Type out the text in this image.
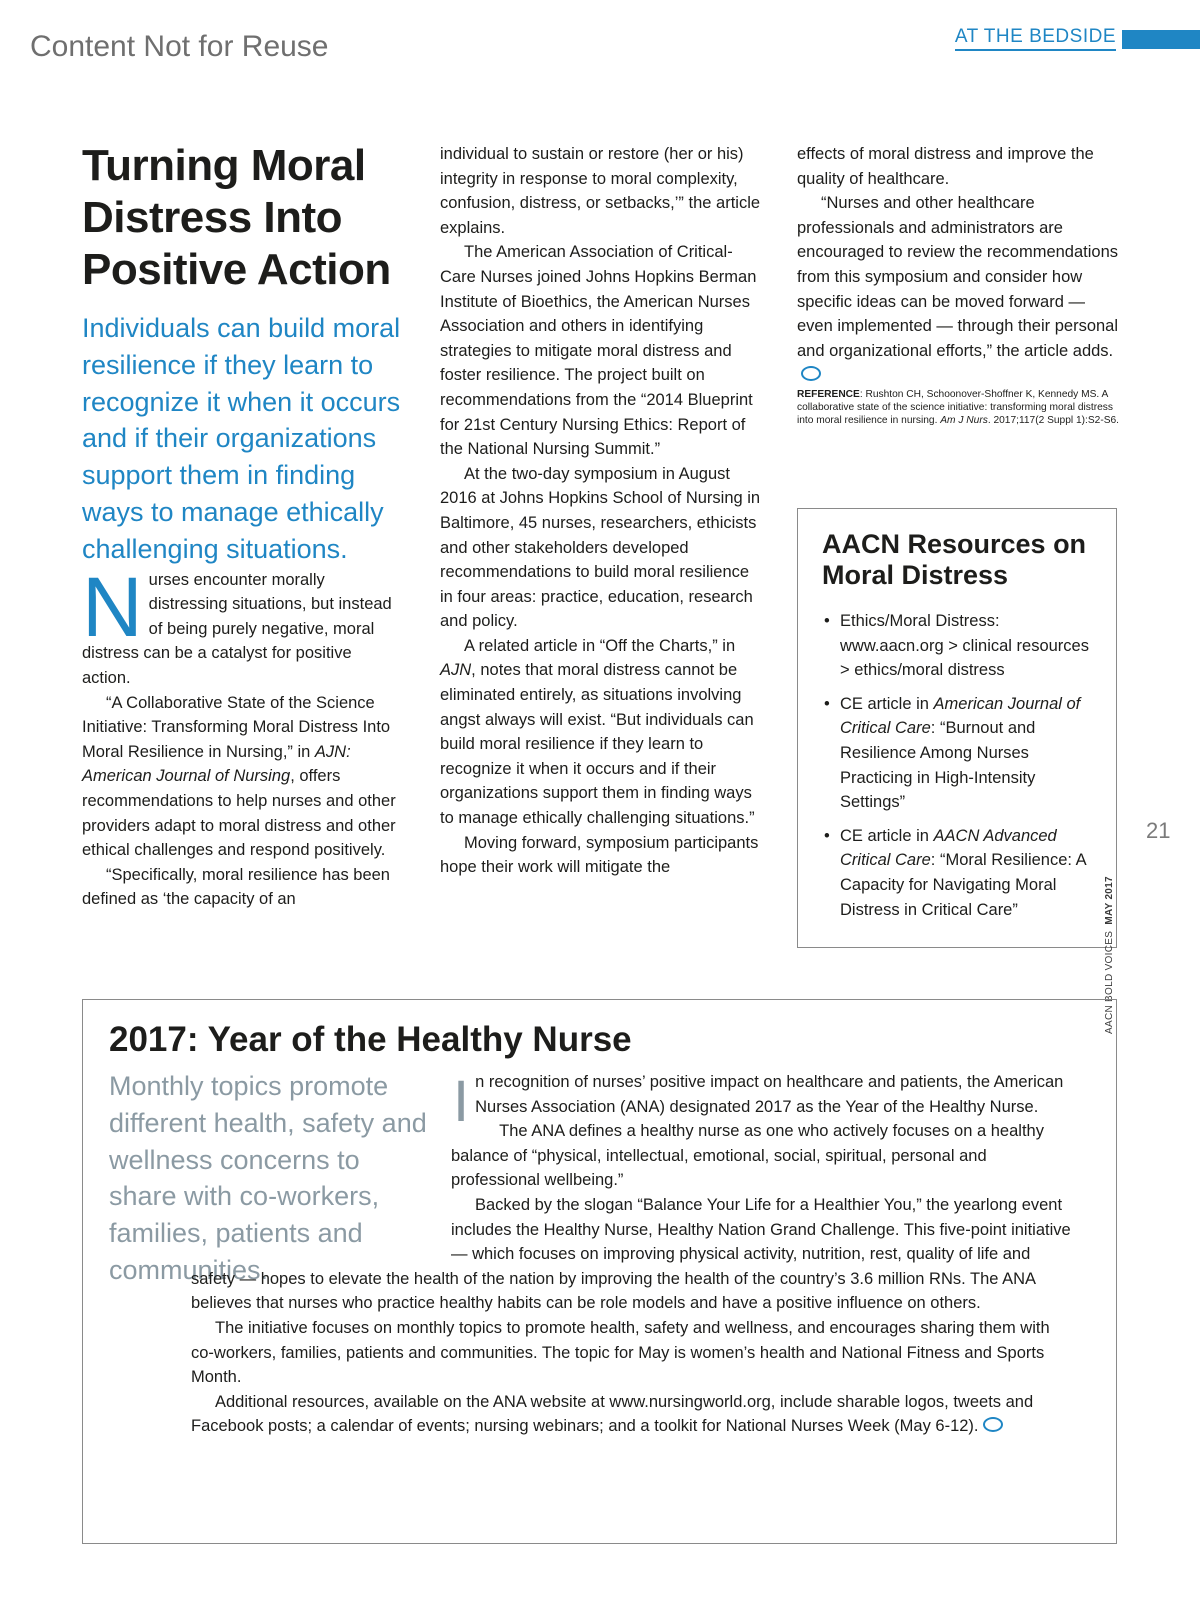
Content Not for Reuse	AT THE BEDSIDE
Turning Moral Distress Into Positive Action

Individuals can build moral resilience if they learn to recognize it when it occurs and if their organizations support them in finding ways to manage ethically challenging situations.

Nurses encounter morally distressing situations, but instead of being purely negative, moral distress can be a catalyst for positive action.

“A Collaborative State of the Science Initiative: Transforming Moral Distress Into Moral Resilience in Nursing,” in AJN: American Journal of Nursing, offers recommendations to help nurses and other providers adapt to moral distress and other ethical challenges and respond positively.

“Specifically, moral resilience has been defined as ‘the capacity of an

individual to sustain or restore (her or his) integrity in response to moral complexity, confusion, distress, or setbacks,’” the article explains.

The American Association of Critical-Care Nurses joined Johns Hopkins Berman Institute of Bioethics, the American Nurses Association and others in identifying strategies to mitigate moral distress and foster resilience. The project built on recommendations from the “2014 Blueprint for 21st Century Nursing Ethics: Report of the National Nursing Summit.”

At the two-day symposium in August 2016 at Johns Hopkins School of Nursing in Baltimore, 45 nurses, researchers, ethicists and other stakeholders developed recommendations to build moral resilience in four areas: practice, education, research and policy.

A related article in “Off the Charts,” in AJN, notes that moral distress cannot be eliminated entirely, as situations involving angst always will exist. “But individuals can build moral resilience if they learn to recognize it when it occurs and if their organizations support them in finding ways to manage ethically challenging situations.”

Moving forward, symposium participants hope their work will mitigate the

effects of moral distress and improve the quality of healthcare.

“Nurses and other healthcare professionals and administrators are encouraged to review the recommendations from this symposium and consider how specific ideas can be moved forward — even implemented — through their personal and organizational efforts,” the article adds.

REFERENCE: Rushton CH, Schoonover-Shoffner K, Kennedy MS. A collaborative state of the science initiative: transforming moral distress into moral resilience in nursing. Am J Nurs. 2017;117(2 Suppl 1):S2-S6.

AACN Resources on Moral Distress
• Ethics/Moral Distress: www.aacn.org > clinical resources > ethics/moral distress
• CE article in American Journal of Critical Care: “Burnout and Resilience Among Nurses Practicing in High-Intensity Settings”
• CE article in AACN Advanced Critical Care: “Moral Resilience: A Capacity for Navigating Moral Distress in Critical Care”
21
AACN BOLD VOICES  MAY 2017
2017: Year of the Healthy Nurse

Monthly topics promote different health, safety and wellness concerns to share with co-workers, families, patients and communities.

In recognition of nurses’ positive impact on healthcare and patients, the American Nurses Association (ANA) designated 2017 as the Year of the Healthy Nurse.

The ANA defines a healthy nurse as one who actively focuses on a healthy balance of “physical, intellectual, emotional, social, spiritual, personal and professional wellbeing.”

Backed by the slogan “Balance Your Life for a Healthier You,” the yearlong event includes the Healthy Nurse, Healthy Nation Grand Challenge. This five-point initiative — which focuses on improving physical activity, nutrition, rest, quality of life and safety — hopes to elevate the health of the nation by improving the health of the country’s 3.6 million RNs. The ANA believes that nurses who practice healthy habits can be role models and have a positive influence on others.

The initiative focuses on monthly topics to promote health, safety and wellness, and encourages sharing them with co-workers, families, patients and communities. The topic for May is women’s health and National Fitness and Sports Month.

Additional resources, available on the ANA website at www.nursingworld.org, include sharable logos, tweets and Facebook posts; a calendar of events; nursing webinars; and a toolkit for National Nurses Week (May 6-12).
